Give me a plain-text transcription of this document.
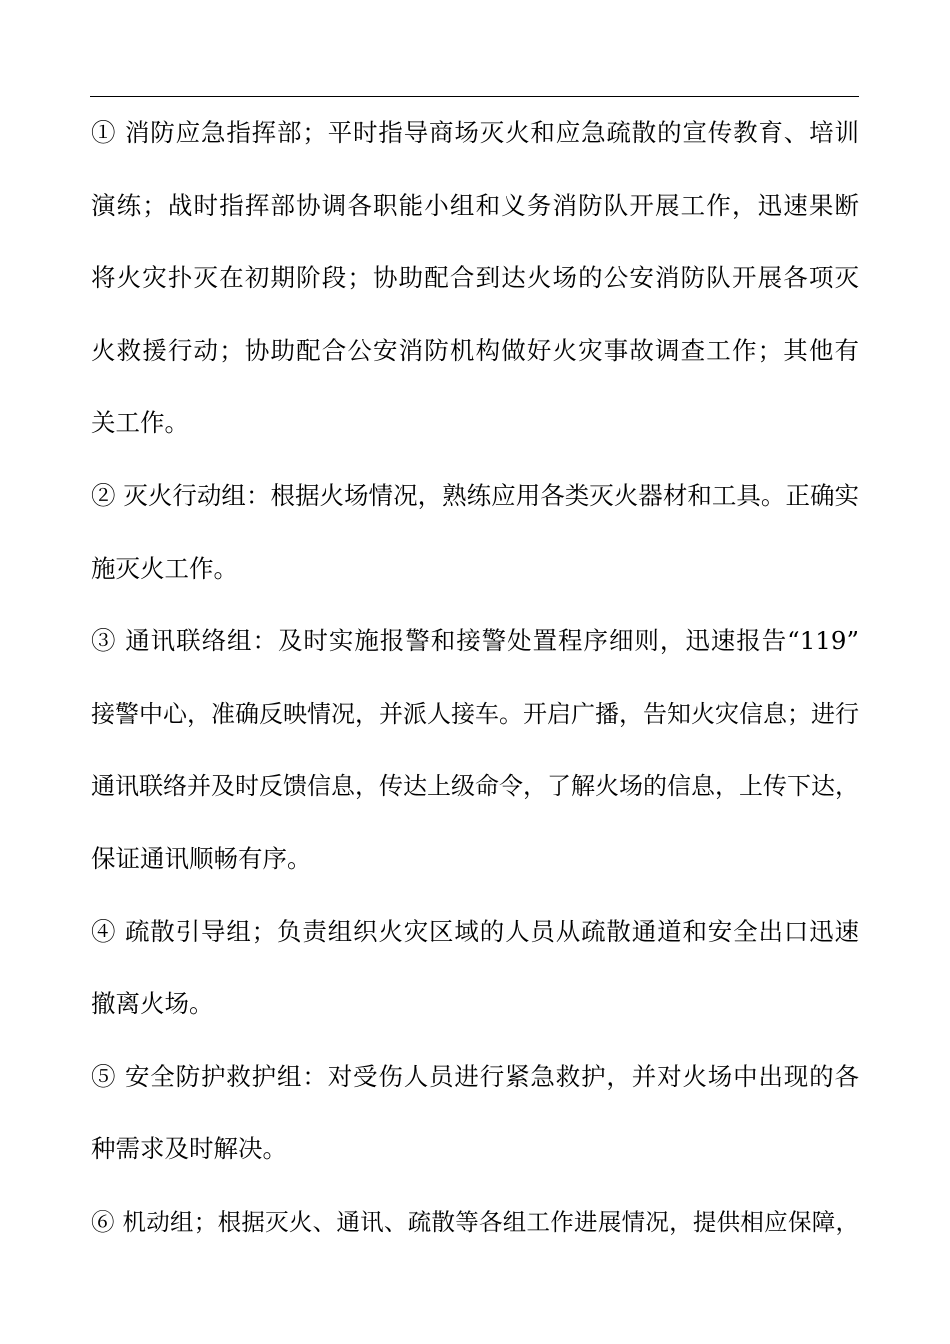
① 消防应急指挥部；平时指导商场灭火和应急疏散的宣传教育、培训
演练；战时指挥部协调各职能小组和义务消防队开展工作，迅速果断
将火灾扑灭在初期阶段；协助配合到达火场的公安消防队开展各项灭
火救援行动；协助配合公安消防机构做好火灾事故调查工作；其他有
关工作。
② 灭火行动组：根据火场情况，熟练应用各类灭火器材和工具。正确实
施灭火工作。
③ 通讯联络组：及时实施报警和接警处置程序细则，迅速报告“119”
接警中心，准确反映情况，并派人接车。开启广播，告知火灾信息；进行
通讯联络并及时反馈信息，传达上级命令，了解火场的信息，上传下达，
保证通讯顺畅有序。
④ 疏散引导组；负责组织火灾区域的人员从疏散通道和安全出口迅速
撤离火场。
⑤ 安全防护救护组：对受伤人员进行紧急救护，并对火场中出现的各
种需求及时解决。
⑥ 机动组；根据灭火、通讯、疏散等各组工作进展情况，提供相应保障，
